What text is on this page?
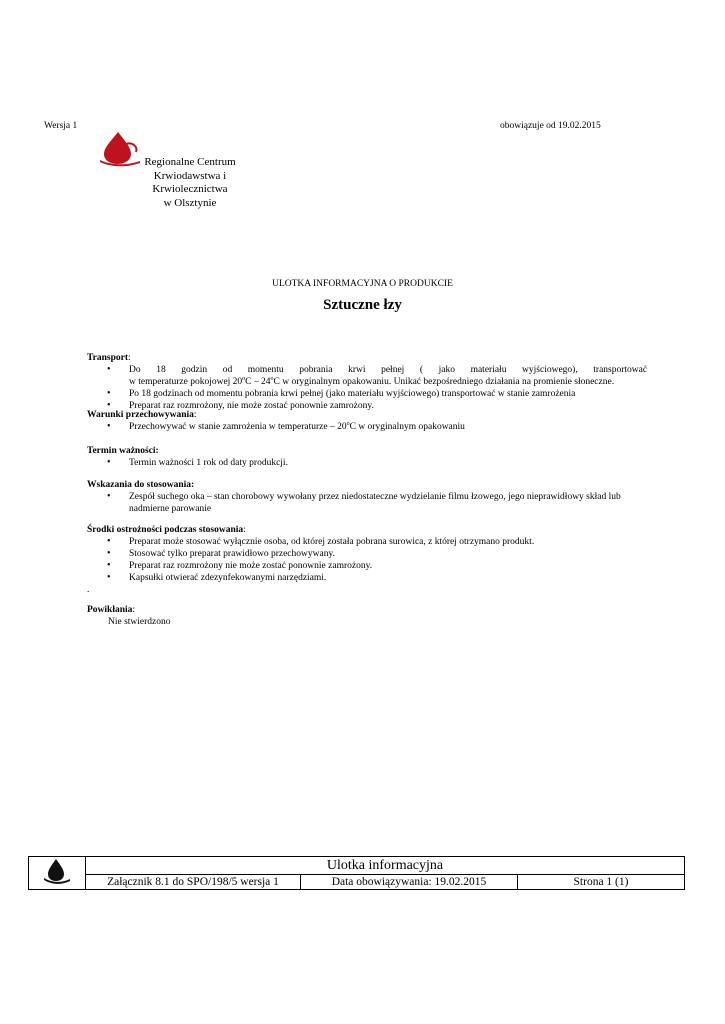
Wersja 1	obowiązuje od 19.02.2015
Regionalne Centrum
Krwiodawstwa i Krwiolecznictwa
w Olsztynie
ULOTKA INFORMACYJNA O PRODUKCIE
Sztuczne łzy
Transport:
• Do 18 godzin od momentu pobrania krwi pełnej ( jako materiału wyjściowego), transportować
w temperaturze pokojowej 20$^o$C – 24$^o$C w oryginalnym opakowaniu. Unikać bezpośredniego działania na promienie słoneczne.
• Po 18 godzinach od momentu pobrania krwi pełnej (jako materiału wyjściowego) transportować w stanie zamrożenia
• Preparat raz rozmrożony, nie może zostać ponownie zamrożony.
Warunki przechowywania:
• Przechowywać w stanie zamrożenia w temperaturze – 20$^o$C w oryginalnym opakowaniu
Termin ważności:
• Termin ważności 1 rok od daty produkcji.
Wskazania do stosowania:
• Zespół suchego oka – stan chorobowy wywołany przez niedostateczne wydzielanie filmu łzowego, jego nieprawidłowy skład lub
nadmierne parowanie
Środki ostrożności podczas stosowania:
• Preparat może stosować wyłącznie osoba, od której została pobrana surowica, z której otrzymano produkt.
• Stosować tylko preparat prawidłowo przechowywany.
• Preparat raz rozmrożony nie może zostać ponownie zamrożony.
• Kapsułki otwierać zdezynfekowanymi narzędziami.
.
Powikłania:
Nie stwierdzono
	Ulotka informacyjna		
	Załącznik 8.1 do SPO/198/5 wersja 1	Data obowiązywania: 19.02.2015	Strona 1 (1)
